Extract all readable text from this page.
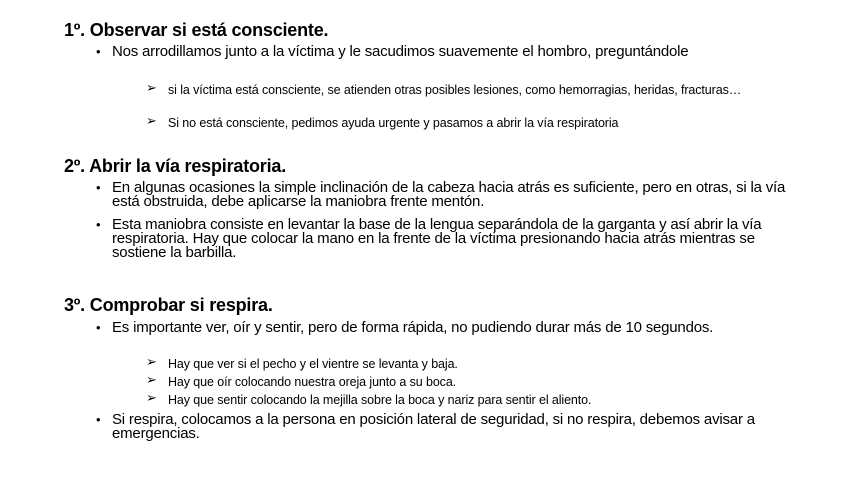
1º. Observar si está consciente.
• Nos arrodillamos junto a la víctima y le sacudimos suavemente el hombro, preguntándole
➢ si la víctima está consciente, se atienden otras posibles lesiones, como hemorragias, heridas, fracturas…
➢ Si no está consciente, pedimos ayuda urgente y pasamos a abrir la vía respiratoria
2º. Abrir la vía respiratoria.
• En algunas ocasiones la simple inclinación de la cabeza hacia atrás es suficiente, pero en otras, si la vía está obstruida, debe aplicarse la maniobra frente mentón.
• Esta maniobra consiste en levantar la base de la lengua separándola de la garganta y así abrir la vía respiratoria. Hay que colocar la mano en la frente de la víctima presionando hacia atrás mientras se sostiene la barbilla.
3º. Comprobar si respira.
• Es importante ver, oír y sentir, pero de forma rápida, no pudiendo durar más de 10 segundos.
➢ Hay que ver si el pecho y el vientre se levanta y baja.
➢ Hay que oír colocando nuestra oreja junto a su boca.
➢ Hay que sentir colocando la mejilla sobre la boca y nariz para sentir el aliento.
• Si respira, colocamos a la persona en posición lateral de seguridad, si no respira, debemos avisar a emergencias.
